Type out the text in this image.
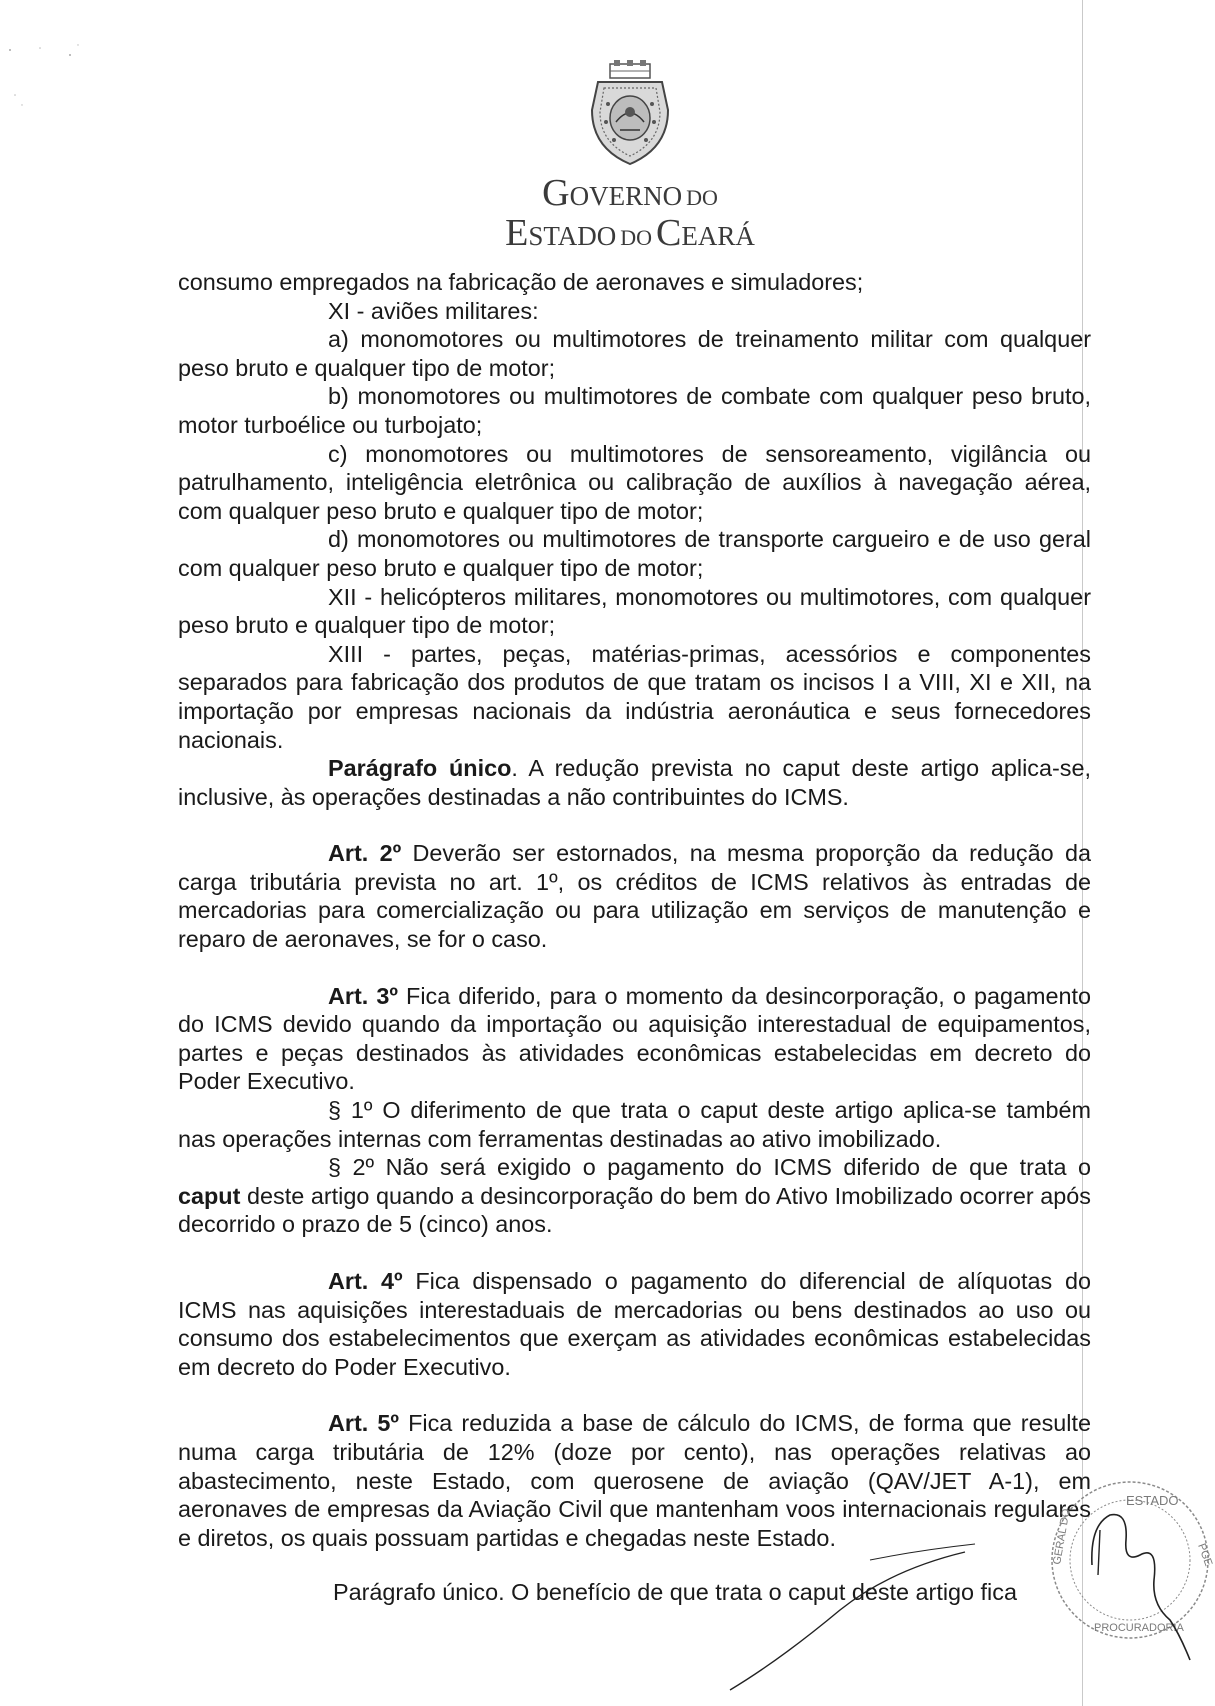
GOVERNO DO
ESTADO DO CEARÁ

consumo empregados na fabricação de aeronaves e simuladores;

XI - aviões militares:

a) monomotores ou multimotores de treinamento militar com qualquer peso bruto e qualquer tipo de motor;

b) monomotores ou multimotores de combate com qualquer peso bruto, motor turboélice ou turbojato;

c) monomotores ou multimotores de sensoreamento, vigilância ou patrulhamento, inteligência eletrônica ou calibração de auxílios à navegação aérea, com qualquer peso bruto e qualquer tipo de motor;

d) monomotores ou multimotores de transporte cargueiro e de uso geral com qualquer peso bruto e qualquer tipo de motor;

XII - helicópteros militares, monomotores ou multimotores, com qualquer peso bruto e qualquer tipo de motor;

XIII - partes, peças, matérias-primas, acessórios e componentes separados para fabricação dos produtos de que tratam os incisos I a VIII, XI e XII, na importação por empresas nacionais da indústria aeronáutica e seus fornecedores nacionais.

Parágrafo único. A redução prevista no caput deste artigo aplica-se, inclusive, às operações destinadas a não contribuintes do ICMS.

Art. 2º Deverão ser estornados, na mesma proporção da redução da carga tributária prevista no art. 1º, os créditos de ICMS relativos às entradas de mercadorias para comercialização ou para utilização em serviços de manutenção e reparo de aeronaves, se for o caso.

Art. 3º Fica diferido, para o momento da desincorporação, o pagamento do ICMS devido quando da importação ou aquisição interestadual de equipamentos, partes e peças destinados às atividades econômicas estabelecidas em decreto do Poder Executivo.

§ 1º O diferimento de que trata o caput deste artigo aplica-se também nas operações internas com ferramentas destinadas ao ativo imobilizado.

§ 2º Não será exigido o pagamento do ICMS diferido de que trata o caput deste artigo quando a desincorporação do bem do Ativo Imobilizado ocorrer após decorrido o prazo de 5 (cinco) anos.

Art. 4º Fica dispensado o pagamento do diferencial de alíquotas do ICMS nas aquisições interestaduais de mercadorias ou bens destinados ao uso ou consumo dos estabelecimentos que exerçam as atividades econômicas estabelecidas em decreto do Poder Executivo.

Art. 5º Fica reduzida a base de cálculo do ICMS, de forma que resulte numa carga tributária de 12% (doze por cento), nas operações relativas ao abastecimento, neste Estado, com querosene de aviação (QAV/JET A-1), em aeronaves de empresas da Aviação Civil que mantenham voos internacionais regulares e diretos, os quais possuam partidas e chegadas neste Estado.

Parágrafo único. O benefício de que trata o caput deste artigo fica

ESTADO
GERAL DO	PGE
PROCURADORIA
